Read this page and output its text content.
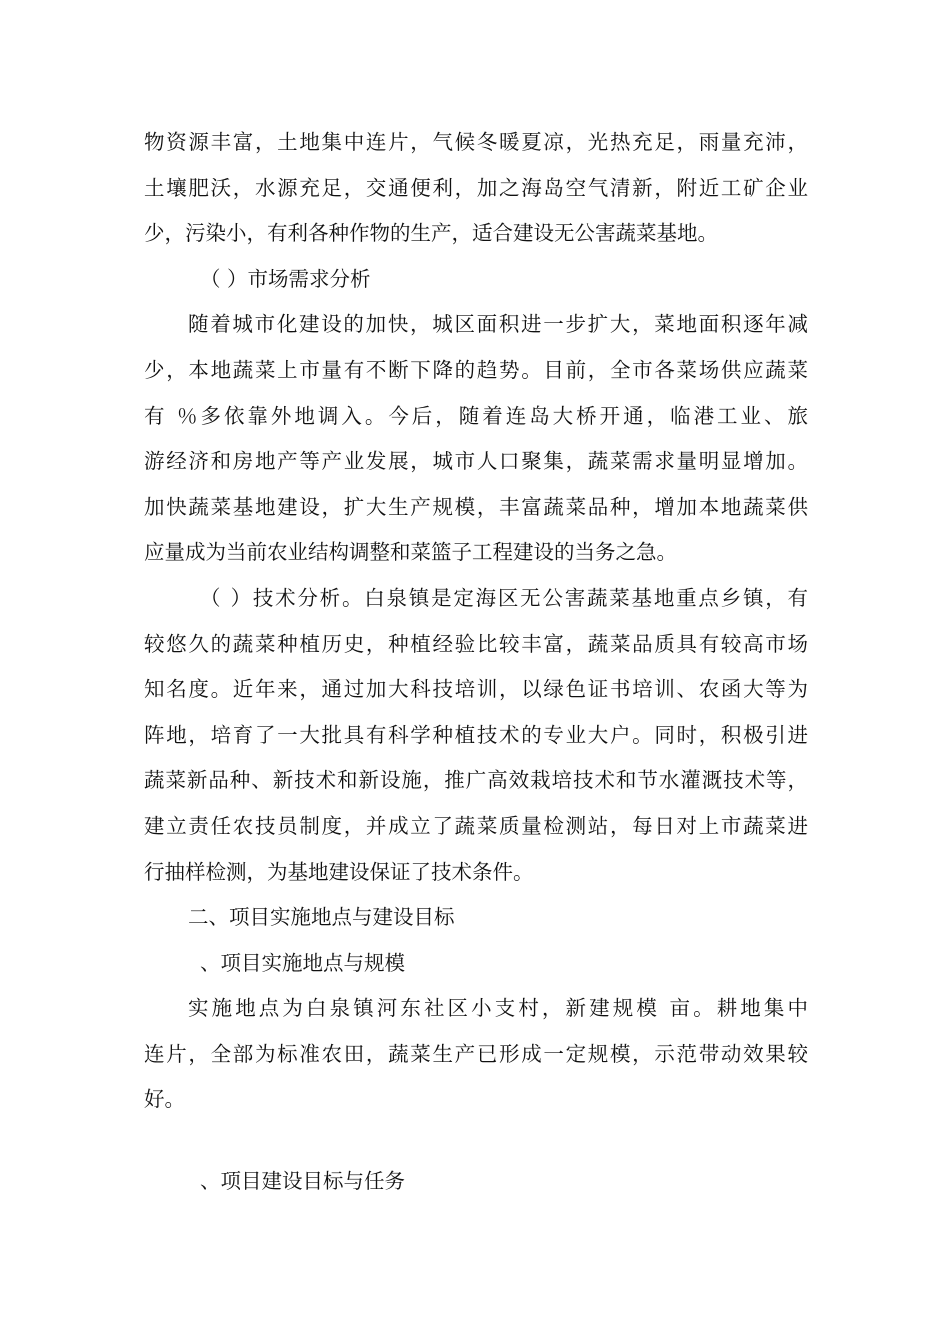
物资源丰富，土地集中连片，气候冬暖夏凉，光热充足，雨量充沛，
土壤肥沃，水源充足，交通便利，加之海岛空气清新，附近工矿企业
少，污染小，有利各种作物的生产，适合建设无公害蔬菜基地。
（ ）市场需求分析
随着城市化建设的加快，城区面积进一步扩大，菜地面积逐年减
少，本地蔬菜上市量有不断下降的趋势。目前，全市各菜场供应蔬菜
有 ％多依靠外地调入。今后，随着连岛大桥开通，临港工业、旅
游经济和房地产等产业发展，城市人口聚集，蔬菜需求量明显增加。
加快蔬菜基地建设，扩大生产规模，丰富蔬菜品种，增加本地蔬菜供
应量成为当前农业结构调整和菜篮子工程建设的当务之急。
（ ）技术分析。白泉镇是定海区无公害蔬菜基地重点乡镇，有
较悠久的蔬菜种植历史，种植经验比较丰富，蔬菜品质具有较高市场
知名度。近年来，通过加大科技培训，以绿色证书培训、农函大等为
阵地，培育了一大批具有科学种植技术的专业大户。同时，积极引进
蔬菜新品种、新技术和新设施，推广高效栽培技术和节水灌溉技术等，
建立责任农技员制度，并成立了蔬菜质量检测站，每日对上市蔬菜进
行抽样检测，为基地建设保证了技术条件。
二、项目实施地点与建设目标
、项目实施地点与规模
实施地点为白泉镇河东社区小支村，新建规模 亩。耕地集中
连片，全部为标准农田，蔬菜生产已形成一定规模，示范带动效果较
好。
、项目建设目标与任务
